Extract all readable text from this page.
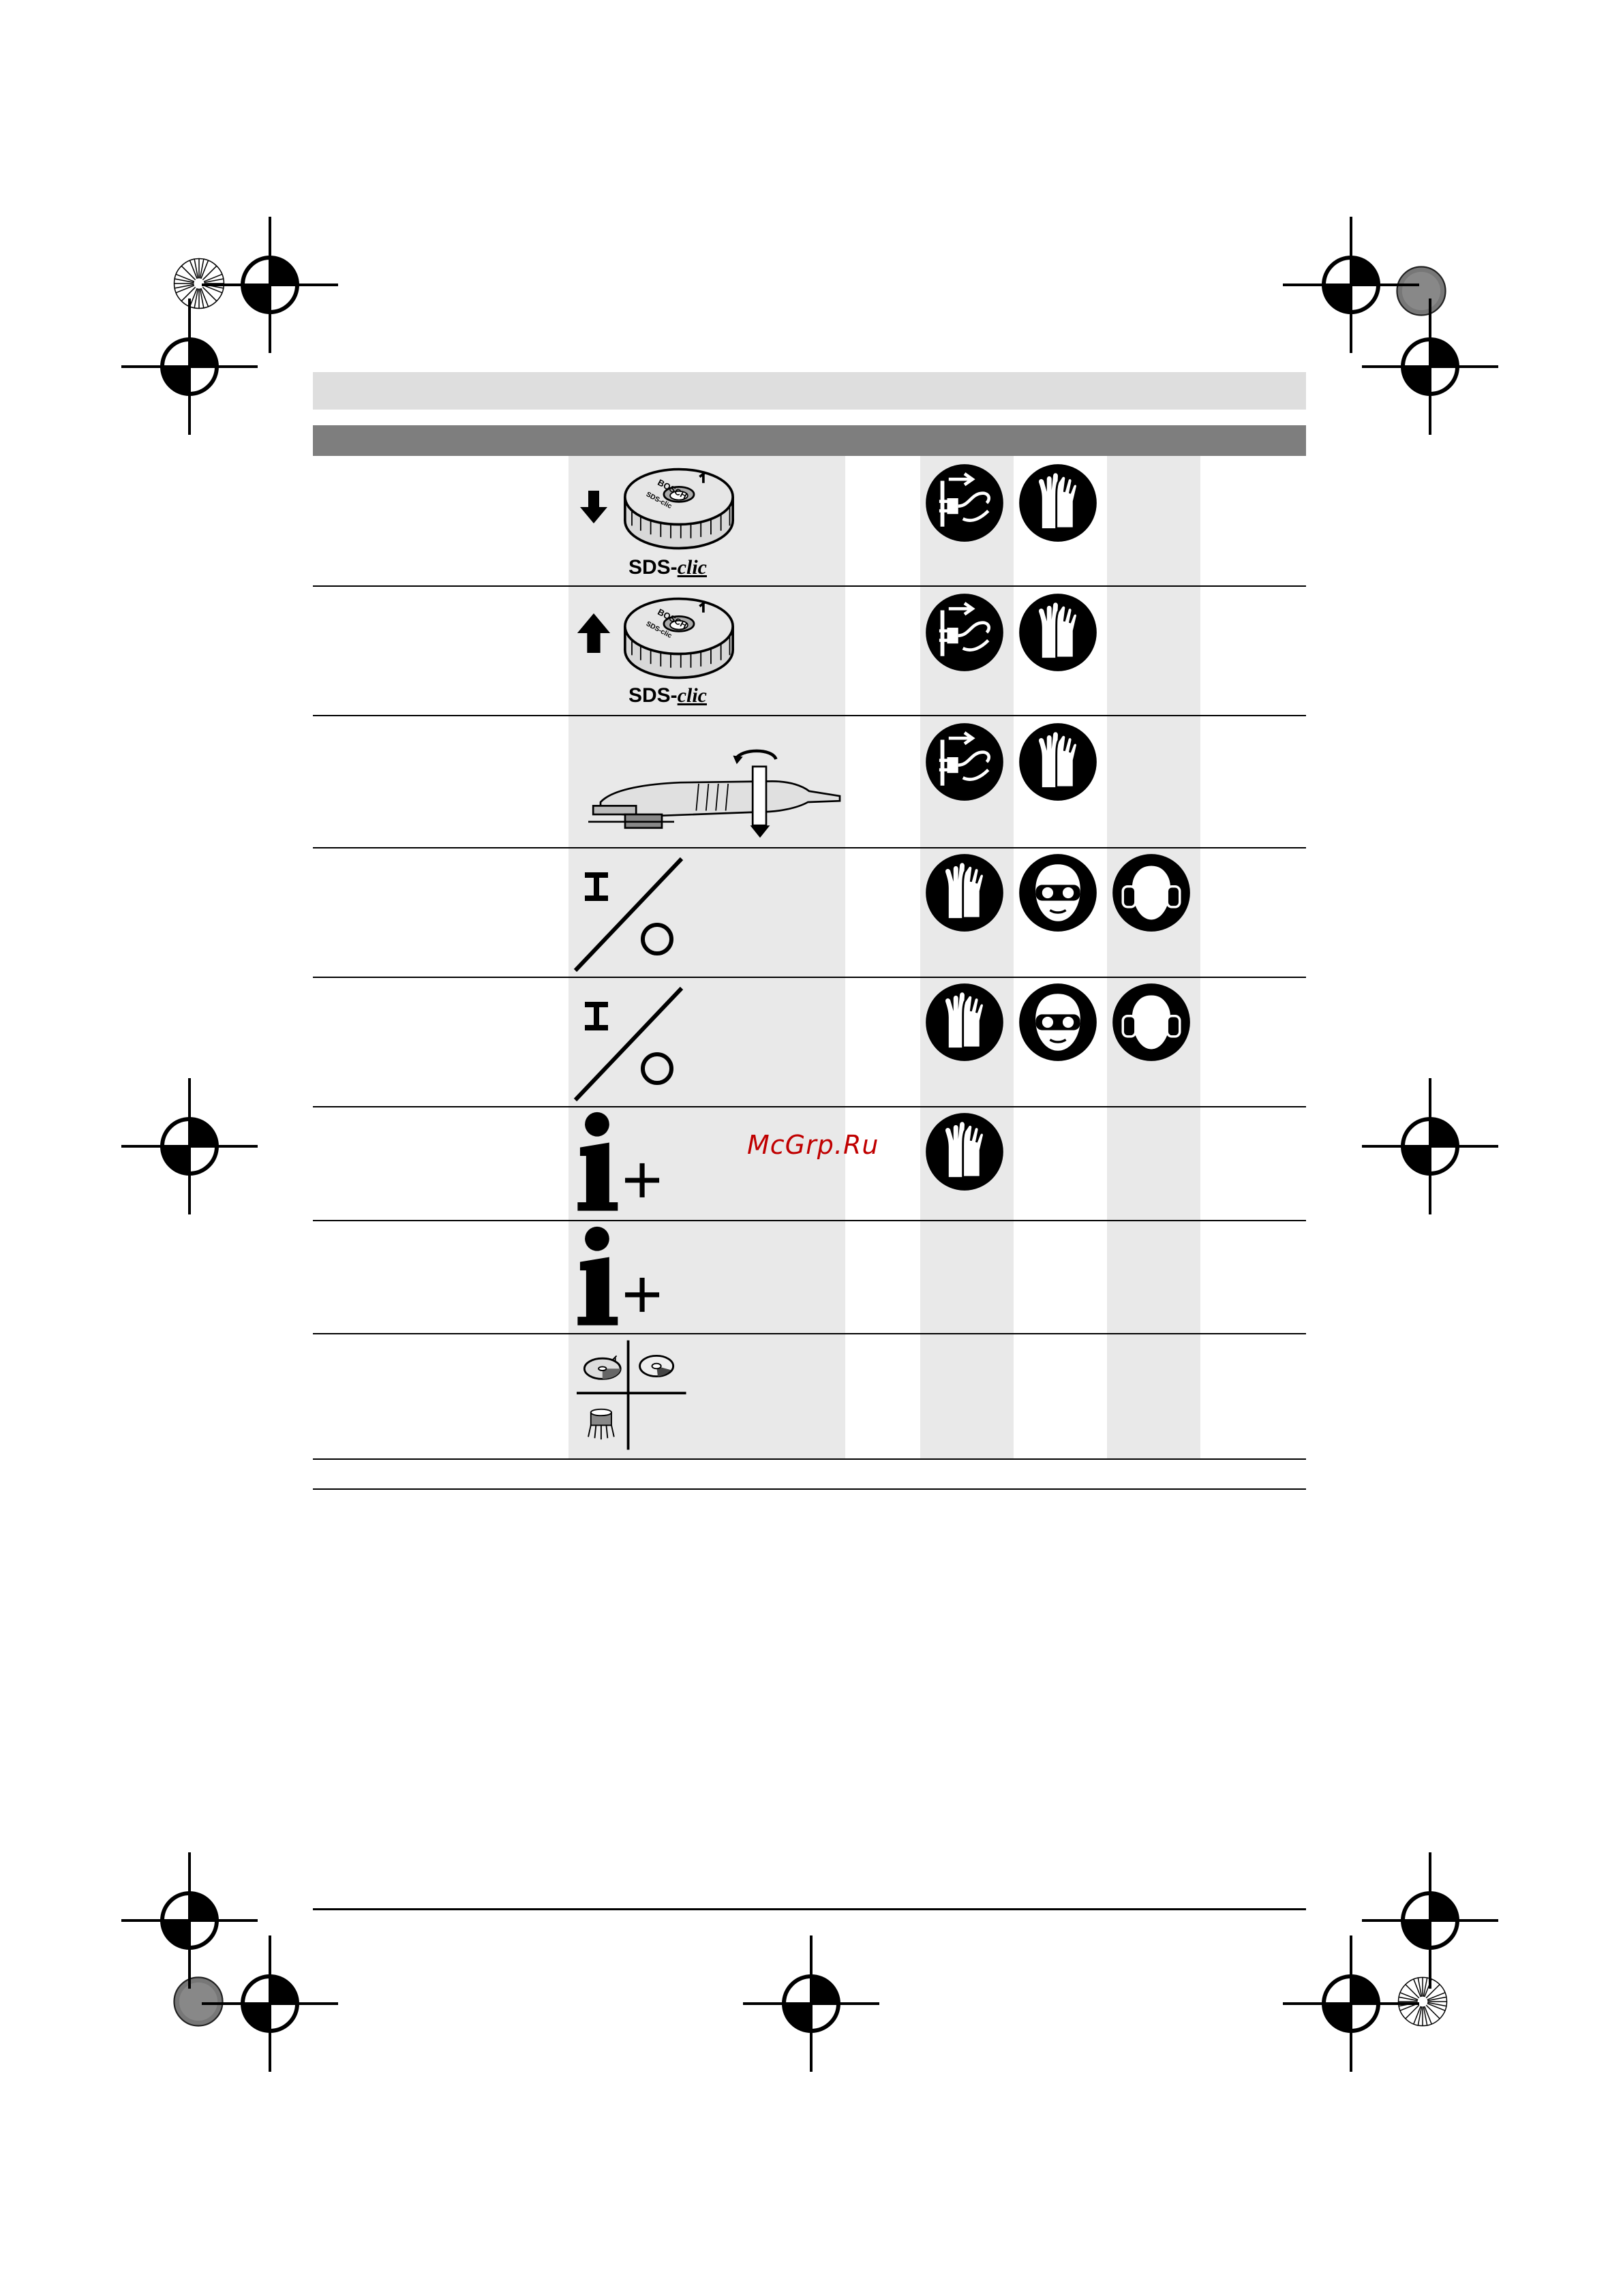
SDS-clic
SDS-clic
McGrp.Ru
